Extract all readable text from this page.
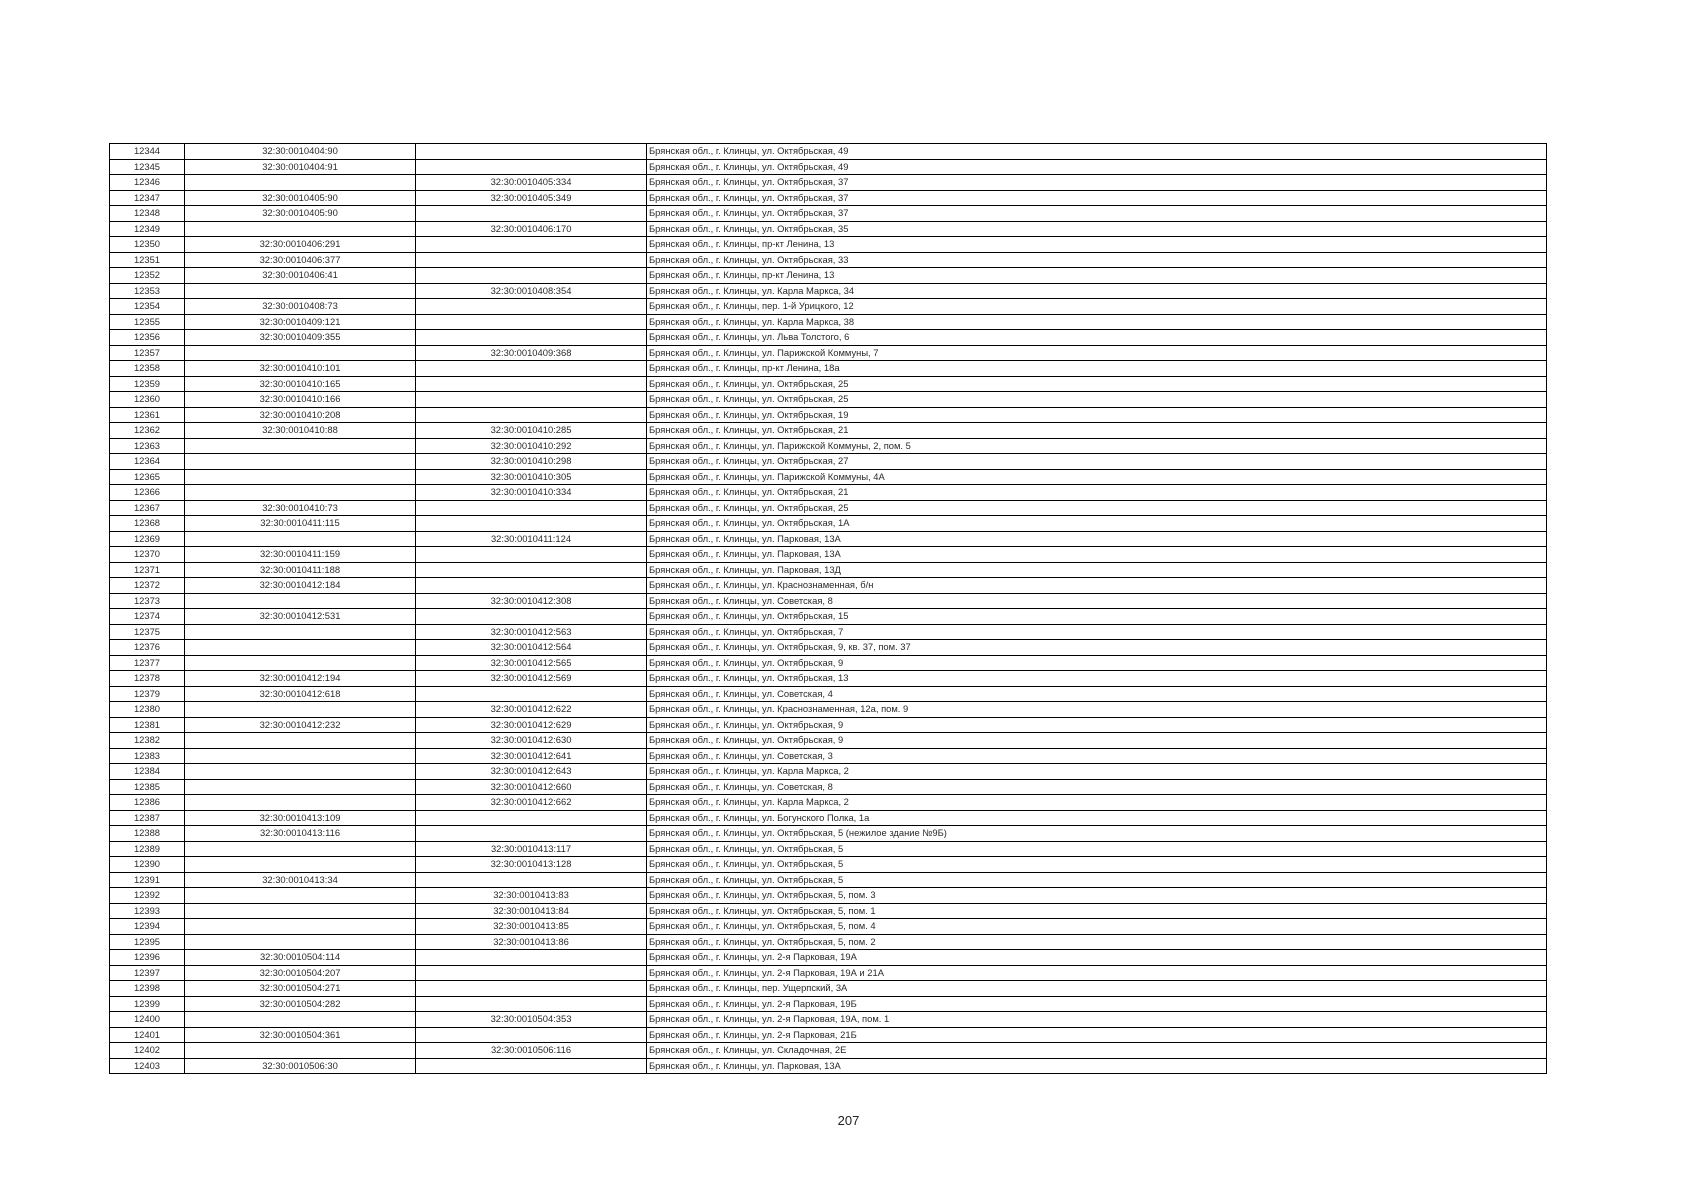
12344	32:30:0010404:90		Брянская обл., г. Клинцы, ул. Октябрьская, 49
12345	32:30:0010404:91		Брянская обл., г. Клинцы, ул. Октябрьская, 49
12346		32:30:0010405:334	Брянская обл., г. Клинцы, ул. Октябрьская, 37
12347	32:30:0010405:90	32:30:0010405:349	Брянская обл., г. Клинцы, ул. Октябрьская, 37
12348	32:30:0010405:90		Брянская обл., г. Клинцы, ул. Октябрьская, 37
12349		32:30:0010406:170	Брянская обл., г. Клинцы, ул. Октябрьская, 35
12350	32:30:0010406:291		Брянская обл., г. Клинцы, пр-кт Ленина, 13
12351	32:30:0010406:377		Брянская обл., г. Клинцы, ул. Октябрьская, 33
12352	32:30:0010406:41		Брянская обл., г. Клинцы, пр-кт Ленина, 13
12353		32:30:0010408:354	Брянская обл., г. Клинцы, ул. Карла Маркса, 34
12354	32:30:0010408:73		Брянская обл., г. Клинцы, пер. 1-й Урицкого, 12
12355	32:30:0010409:121		Брянская обл., г. Клинцы, ул. Карла Маркса, 38
12356	32:30:0010409:355		Брянская обл., г. Клинцы, ул. Льва Толстого, 6
12357		32:30:0010409:368	Брянская обл., г. Клинцы, ул. Парижской Коммуны, 7
12358	32:30:0010410:101		Брянская обл., г. Клинцы, пр-кт Ленина, 18а
12359	32:30:0010410:165		Брянская обл., г. Клинцы, ул. Октябрьская, 25
12360	32:30:0010410:166		Брянская обл., г. Клинцы, ул. Октябрьская, 25
12361	32:30:0010410:208		Брянская обл., г. Клинцы, ул. Октябрьская, 19
12362	32:30:0010410:88	32:30:0010410:285	Брянская обл., г. Клинцы, ул. Октябрьская, 21
12363		32:30:0010410:292	Брянская обл., г. Клинцы, ул. Парижской Коммуны, 2, пом. 5
12364		32:30:0010410:298	Брянская обл., г. Клинцы, ул. Октябрьская, 27
12365		32:30:0010410:305	Брянская обл., г. Клинцы, ул. Парижской Коммуны, 4А
12366		32:30:0010410:334	Брянская обл., г. Клинцы, ул. Октябрьская, 21
12367	32:30:0010410:73		Брянская обл., г. Клинцы, ул. Октябрьская, 25
12368	32:30:0010411:115		Брянская обл., г. Клинцы, ул. Октябрьская, 1А
12369		32:30:0010411:124	Брянская обл., г. Клинцы, ул. Парковая, 13А
12370	32:30:0010411:159		Брянская обл., г. Клинцы, ул. Парковая, 13А
12371	32:30:0010411:188		Брянская обл., г. Клинцы, ул. Парковая, 13Д
12372	32:30:0010412:184		Брянская обл., г. Клинцы, ул. Краснознаменная, б/н
12373		32:30:0010412:308	Брянская обл., г. Клинцы, ул. Советская, 8
12374	32:30:0010412:531		Брянская обл., г. Клинцы, ул. Октябрьская, 15
12375		32:30:0010412:563	Брянская обл., г. Клинцы, ул. Октябрьская, 7
12376		32:30:0010412:564	Брянская обл., г. Клинцы, ул. Октябрьская, 9, кв. 37, пом. 37
12377		32:30:0010412:565	Брянская обл., г. Клинцы, ул. Октябрьская, 9
12378	32:30:0010412:194	32:30:0010412:569	Брянская обл., г. Клинцы, ул. Октябрьская, 13
12379	32:30:0010412:618		Брянская обл., г. Клинцы, ул. Советская, 4
12380		32:30:0010412:622	Брянская обл., г. Клинцы, ул. Краснознаменная, 12а, пом. 9
12381	32:30:0010412:232	32:30:0010412:629	Брянская обл., г. Клинцы, ул. Октябрьская, 9
12382		32:30:0010412:630	Брянская обл., г. Клинцы, ул. Октябрьская, 9
12383		32:30:0010412:641	Брянская обл., г. Клинцы, ул. Советская, 3
12384		32:30:0010412:643	Брянская обл., г. Клинцы, ул. Карла Маркса, 2
12385		32:30:0010412:660	Брянская обл., г. Клинцы, ул. Советская, 8
12386		32:30:0010412:662	Брянская обл., г. Клинцы, ул. Карла Маркса, 2
12387	32:30:0010413:109		Брянская обл., г. Клинцы, ул. Богунского Полка, 1а
12388	32:30:0010413:116		Брянская обл., г. Клинцы, ул. Октябрьская, 5 (нежилое здание №9Б)
12389		32:30:0010413:117	Брянская обл., г. Клинцы, ул. Октябрьская, 5
12390		32:30:0010413:128	Брянская обл., г. Клинцы, ул. Октябрьская, 5
12391	32:30:0010413:34		Брянская обл., г. Клинцы, ул. Октябрьская, 5
12392		32:30:0010413:83	Брянская обл., г. Клинцы, ул. Октябрьская, 5, пом. 3
12393		32:30:0010413:84	Брянская обл., г. Клинцы, ул. Октябрьская, 5, пом. 1
12394		32:30:0010413:85	Брянская обл., г. Клинцы, ул. Октябрьская, 5, пом. 4
12395		32:30:0010413:86	Брянская обл., г. Клинцы, ул. Октябрьская, 5, пом. 2
12396	32:30:0010504:114		Брянская обл., г. Клинцы, ул. 2-я Парковая, 19А
12397	32:30:0010504:207		Брянская обл., г. Клинцы, ул. 2-я Парковая, 19А и 21А
12398	32:30:0010504:271		Брянская обл., г. Клинцы, пер. Ущерпский, 3А
12399	32:30:0010504:282		Брянская обл., г. Клинцы, ул. 2-я Парковая, 19Б
12400		32:30:0010504:353	Брянская обл., г. Клинцы, ул. 2-я Парковая, 19А, пом. 1
12401	32:30:0010504:361		Брянская обл., г. Клинцы, ул. 2-я Парковая, 21Б
12402		32:30:0010506:116	Брянская обл., г. Клинцы, ул. Складочная, 2Е
12403	32:30:0010506:30		Брянская обл., г. Клинцы, ул. Парковая, 13А
207
